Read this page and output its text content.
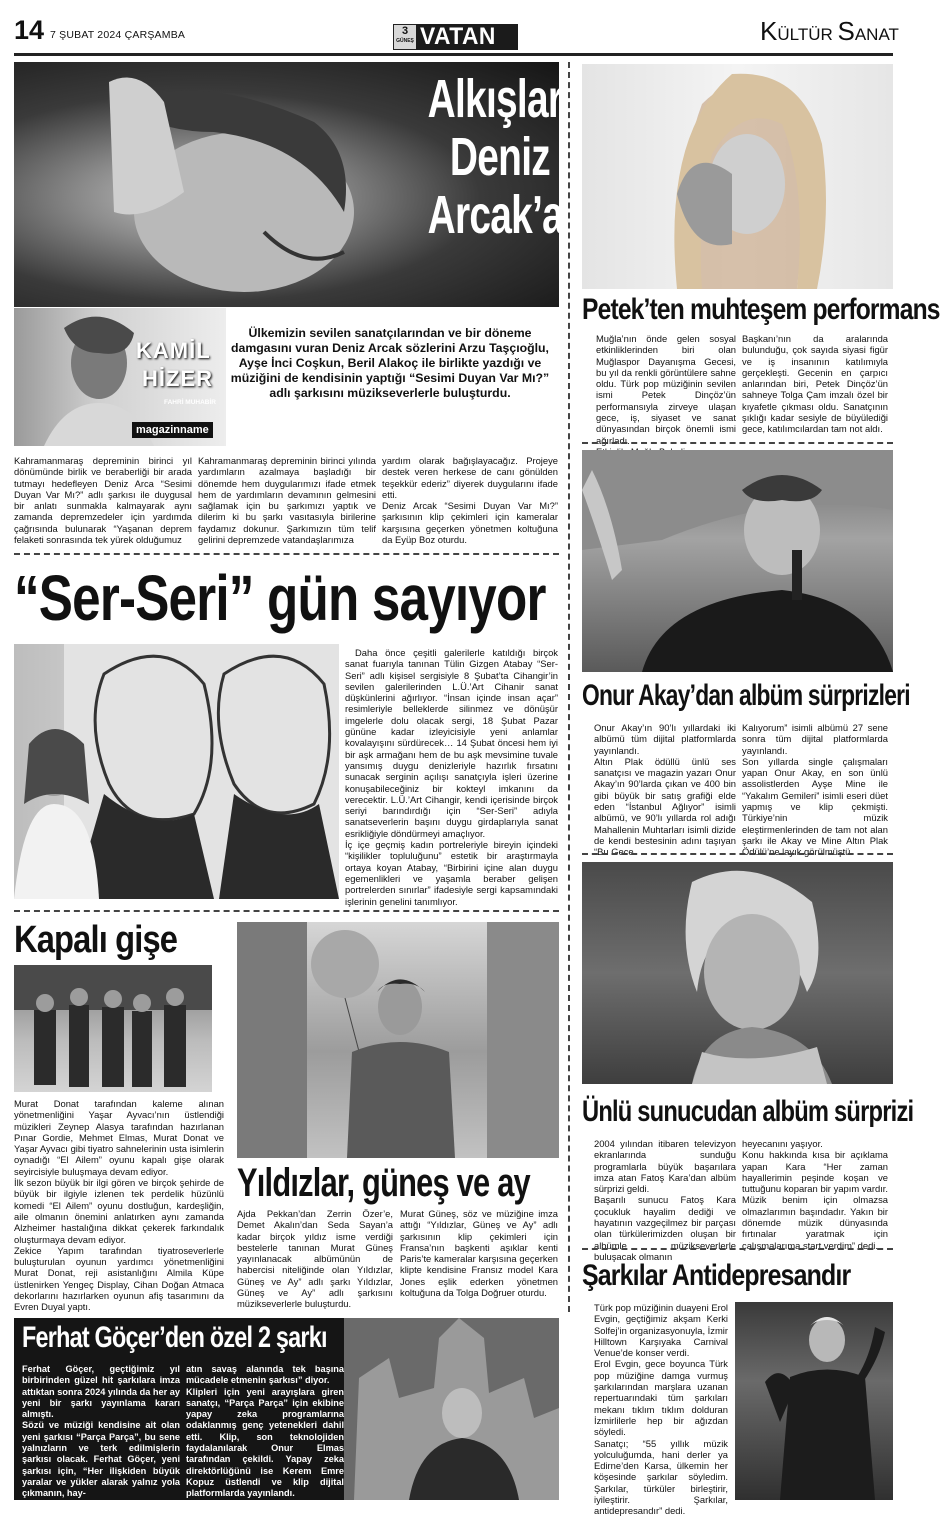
14 7 ŞUBAT 2024 ÇARŞAMBA	3
GÜNEŞ VATAN	KÜLTÜR SANAT
Alkışlar
Deniz
Arcak’a
KAMİL
HİZER
FAHRİ MUHABİR
magazinname
Ülkemizin sevilen sanatçılarından ve bir döneme damgasını vuran Deniz Arcak sözlerini Arzu Taşçıoğlu, Ayşe İnci Coşkun, Beril Alakoç ile birlikte yazdığı ve müziğini de kendisinin yaptığı “Sesimi Duyan Var Mı?” adlı şarkısını müzikseverlerle buluşturdu.
Kahramanmaraş depreminin birinci yıl dönümünde birlik ve beraberliği bir arada tutmayı hedefleyen Deniz Arca “Sesimi Duyan Var Mı?” adlı şarkısı ile duygusal bir anlatı sunmakla kalmayarak aynı zamanda depremzedeler için yardımda çağrısında bulunarak “Yaşanan deprem felaketi sonrasında tek yürek olduğumuz
Kahramanmaraş depreminin birinci yılında yardımların azalmaya başladığı bir dönemde hem duygularımızı ifade etmek hem de yardımların devamının gelmesini sağlamak için bu şarkımızı yaptık ve dilerim ki bu şarkı vasıtasıyla birilerine faydamız dokunur. Şarkımızın tüm telif gelirini depremzede vatandaşlarımıza
yardım olarak bağışlayacağız. Projeye destek veren herkese de canı gönülden teşekkür ederiz” diyerek duygularını ifade etti.
Deniz Arcak “Sesimi Duyan Var Mı?” şarkısının klip çekimleri için kameralar karşısına geçerken yönetmen koltuğuna da Eyüp Boz oturdu.
Petek’ten muhteşem performans
Muğla’nın önde gelen sosyal etkinliklerinden biri olan Muğlaspor Dayanışma Gecesi, bu yıl da renkli görüntülere sahne oldu. Türk pop müziğinin sevilen ismi Petek Dinçöz’ün performansıyla zirveye ulaşan gece, iş, siyaset ve sanat dünyasından birçok önemli ismi ağırladı.

Başkanı’nın da aralarında bulunduğu, çok sayıda siyasi figür ve iş insanının katılımıyla gerçekleşti. Gecenin en çarpıcı anlarından biri, Petek Dinçöz’ün sahneye Tolga Çam imzalı özel bir kıyafetle çıkması oldu. Sanatçının şıklığı kadar sesiyle de büyülediği gece, katılımcılardan tam not aldı.
Onur Akay’dan albüm sürprizleri
Onur Akay’ın 90’lı yıllardaki iki albümü tüm dijital platformlarda yayınlandı.
Altın Plak ödüllü ünlü ses sanatçısı ve magazin yazarı Onur Akay’ın 90’larda çıkan ve 400 bin gibi büyük bir satış grafiği elde eden “İstanbul Ağlıyor” isimli albümü, ve 90’lı yıllarda rol adığı Mahallenin Muhtarları isimli dizide de kendi bestesinin adını taşıyan “Bu Gece
Kalıyorum” isimli albümü 27 sene sonra tüm dijital platformlarda yayınlandı.
Son yıllarda single çalışmaları yapan Onur Akay, en son ünlü assolistlerden Ayşe Mine ile “Yakalım Gemileri” isimli eseri düet yapmış ve klip çekmişti. Türkiye’nin müzik eleştirmenlerinden de tam not alan şarkı ile Akay ve Mine Altın Plak Ödülü’ne layık görülmüştü.
“Ser-Seri” gün sayıyor
Daha önce çeşitli galerilerle katıldığı birçok sanat fuarıyla tanınan Tülin Gizgen Atabay “Ser-Seri” adlı kişisel sergisiyle 8 Şubat’ta Cihangir’in sevilen galerilerinden L.Ü.’Art Cihanir sanat düşkünlerini ağırlıyor. “İnsan içinde insan açar” resimleriyle belleklerde silinmez ve dönüşür imgelerle dolu olacak sergi, 18 Şubat Pazar gününe kadar izleyicisiyle yeni anlamlar kovalayışını sürdürecek… 14 Şubat öncesi hem iyi bir aşk armağanı hem de bu aşk mevsimine tuvale yansımış duygu denizleriyle hazırlık fırsatını sunacak serginin açılışı sanatçıyla işleri üzerine konuşabileceğiniz bir kokteyl imkanını da verecektir. L.Ü.’Art Cihangir, kendi içerisinde birçok seriyi barındırdığı için “Ser-Seri” adıyla sanatseverlerin başını duygu girdaplarıyla sanat esrikliğiyle döndürmeyi amaçlıyor.
İç içe geçmiş kadın portreleriyle bireyin içindeki “kişilikler topluluğunu” estetik bir araştırmayla ortaya koyan Atabay, “Birbirini içine alan duygu egemenlikleri ve yaşamla beraber gelişen portrelerden sınırlar” ifadesiyle sergi kapsamındaki işlerinin genelini tanımlıyor.
Kapalı gişe
Murat Donat tarafından kaleme alınan yönetmenliğini Yaşar Ayvacı’nın üstlendiği müzikleri Zeynep Alasya tarafından hazırlanan Pınar Gordie, Mehmet Elmas, Murat Donat ve Yaşar Ayvacı gibi tiyatro sahnelerinin usta isimlerin oynadığı “El Ailem” oyunu kapalı gişe olarak seyircisiyle buluşmaya devam ediyor.
İlk sezon büyük bir ilgi gören ve birçok şehirde de büyük bir ilgiyle izlenen tek perdelik hüzünlü komedi “El Ailem” oyunu dostluğun, kardeşliğin, aile olmanın önemini anlatırken aynı zamanda Alzheimer hastalığına dikkat çekerek farkındalık oluşturmaya devam ediyor.
Zekice Yapım tarafından tiyatroseverlerle buluşturulan oyunun yardımcı yönetmenliğini Murat Donat, reji asistanlığını Almila Küpe üstlenirken Yengeç Display, Cihan Doğan Atmaca dekorlarını hazırlarken oyunun afiş tasarımını da Evren Duyal yaptı.
Yıldızlar, güneş ve ay
Ajda Pekkan’dan Zerrin Özer’e, Demet Akalın’dan Seda Sayan’a kadar birçok yıldız isme verdiği bestelerle tanınan Murat Güneş yayınlanacak albümünün de habercisi niteliğinde olan Yıldızlar, Güneş ve Ay” adlı şarkı Yıldızlar, Güneş ve Ay” adlı şarkısını müzikseverlerle buluşturdu.
Murat Güneş, söz ve müziğine imza attığı “Yıldızlar, Güneş ve Ay” adlı şarkısının klip çekimleri için Fransa’nın başkenti aşıklar kenti Paris’te kameralar karşısına geçerken klipte kendisine Fransız model Kara Jones eşlik ederken yönetmen koltuğuna da Tolga Doğruer oturdu.
Ünlü sunucudan albüm sürprizi
2004 yılından itibaren televizyon ekranlarında sunduğu programlarla büyük başarılara imza atan Fatoş Kara’dan albüm sürprizi geldi.
Başarılı sunucu Fatoş Kara çocukluk hayalim dediği ve hayatının vazgeçilmez bir parçası olan türkülerimizden oluşan bir albümle müzikseverlerle buluşacak olmanın
heyecanını yaşıyor.
Konu hakkında kısa bir açıklama yapan Kara “Her zaman hayallerimin peşinde koşan ve tuttuğunu koparan bir yapım vardır. Müzik benim için olmazsa olmazlarımın başındadır. Yakın bir dönemde müzik dünyasında fırtınalar yaratmak için çalışmalarıma start verdim” dedi.
Şarkılar Antidepresandır
Türk pop müziğinin duayeni Erol Evgin, geçtiğimiz akşam Kerki Solfej’in organizasyonuyla, İzmir Hilltown Karşıyaka Carnival Venue’de konser verdi.
Erol Evgin, gece boyunca Türk pop müziğine damga vurmuş şarkılarından marşlara uzanan repertuarındaki tüm şarkıları mekanı tıklım tıklım dolduran İzmirlilerle hep bir ağızdan söyledi.
Sanatçı; “55 yıllık müzik yolculuğumda, hani derler ya Edirne’den Karsa, ülkemin her köşesinde şarkılar söyledim. Şarkılar, türküler birleştirir, iyileştirir. Şarkılar, antidepresandır” dedi.
Ferhat Göçer’den özel 2 şarkı
Ferhat Göçer, geçtiğimiz yıl birbirinden güzel hit şarkılara imza attıktan sonra 2024 yılında da her ay yeni bir şarkı yayınlama kararı almıştı.
Sözü ve müziği kendisine ait olan yeni şarkısı “Parça Parça”, bu sene yalnızların ve terk edilmişlerin şarkısı olacak. Ferhat Göçer, yeni şarkısı için, “Her ilişkiden büyük yaralar ve yükler alarak yalnız yola çıkmanın, hay-
atın savaş alanında tek başına mücadele etmenin şarkısı” diyor.
Klipleri için yeni arayışlara giren sanatçı, “Parça Parça” için ekibine yapay zeka programlarına odaklanmış genç yetenekleri dahil etti. Klip, son teknolojiden faydalanılarak Onur Elmas tarafından çekildi. Yapay zeka direktörlüğünü ise Kerem Emre Kopuz üstlendi ve klip dijital platformlarda yayınlandı.
